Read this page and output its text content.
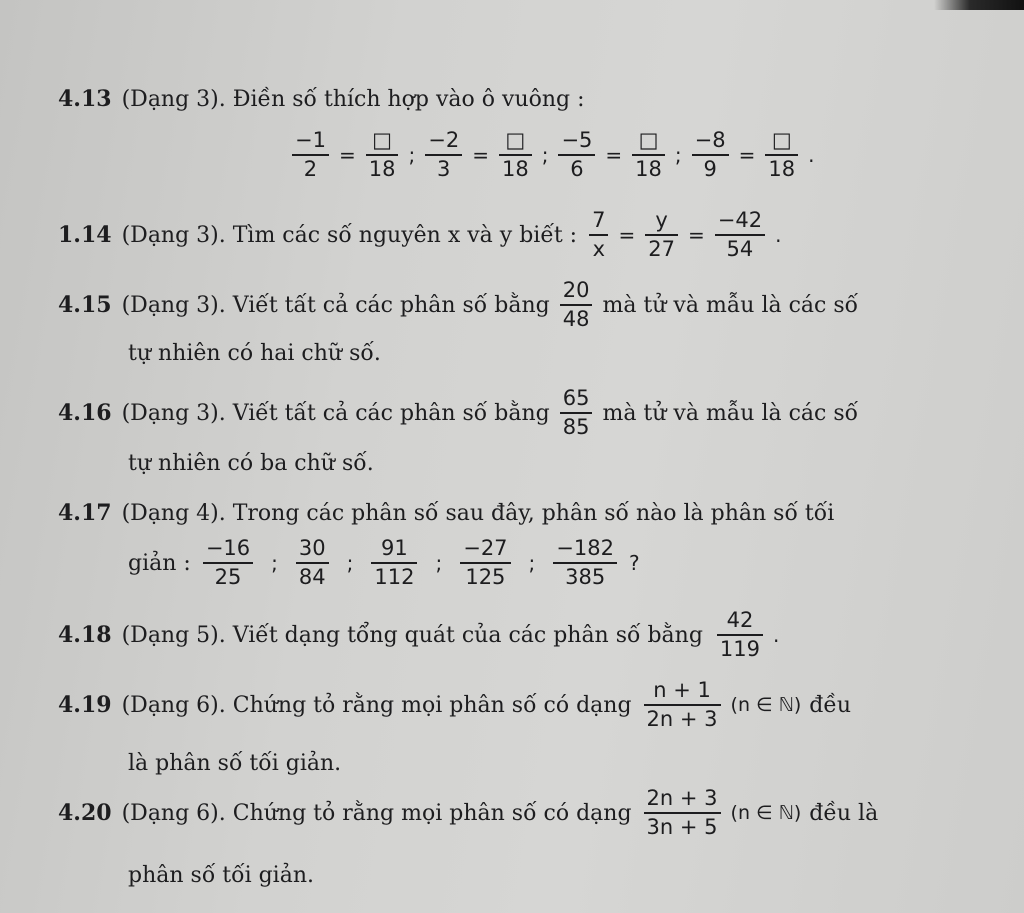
4.13 (Dạng 3). Điền số thích hợp vào ô vuông :
$\frac{-1}{2} = \frac{□}{18}$ ; $\frac{-2}{3} = \frac{□}{18}$ ; $\frac{-5}{6} = \frac{□}{18}$ ; $\frac{-8}{9} = \frac{□}{18}$ .
1.14 (Dạng 3). Tìm các số nguyên x và y biết : $\frac{7}{x} = \frac{y}{27} = \frac{-42}{54}$ .
4.15 (Dạng 3). Viết tất cả các phân số bằng $\frac{20}{48}$ mà tử và mẫu là các số
tự nhiên có hai chữ số.
4.16 (Dạng 3). Viết tất cả các phân số bằng $\frac{65}{85}$ mà tử và mẫu là các số
tự nhiên có ba chữ số.
4.17 (Dạng 4). Trong các phân số sau đây, phân số nào là phân số tối
giản : $\frac{-16}{25}$ ; $\frac{30}{84}$ ; $\frac{91}{112}$ ; $\frac{-27}{125}$ ; $\frac{-182}{385}$ ?
4.18 (Dạng 5). Viết dạng tổng quát của các phân số bằng $\frac{42}{119}$ .
4.19 (Dạng 6). Chứng tỏ rằng mọi phân số có dạng $\frac{n + 1}{2n + 3} (n$ ∈ ℕ) đều
là phân số tối giản.
4.20 (Dạng 6). Chứng tỏ rằng mọi phân số có dạng $\frac{2n + 3}{3n + 5} (n$ ∈ ℕ) đều là
phân số tối giản.
